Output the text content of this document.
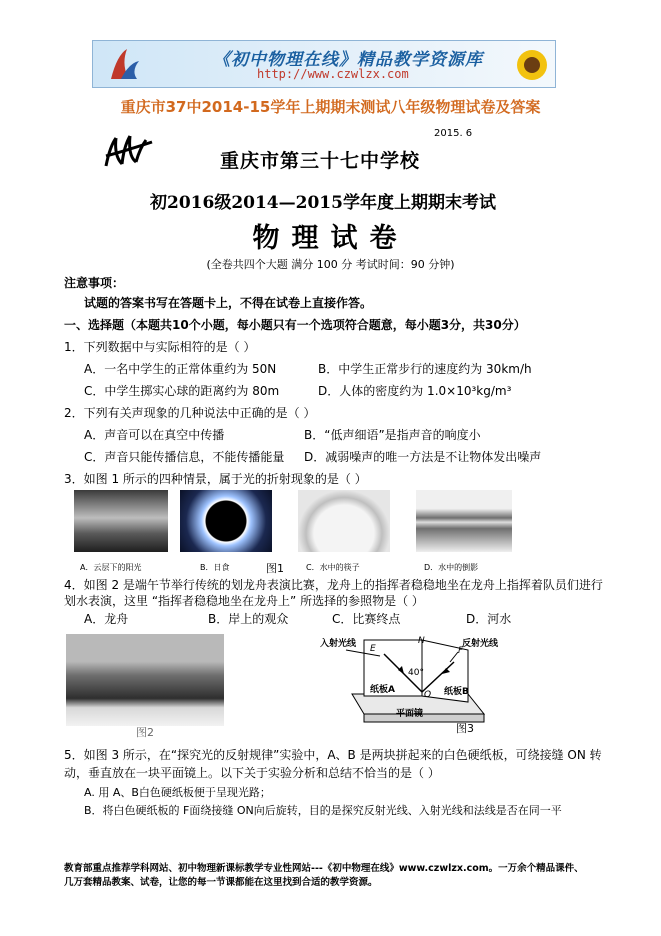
《初中物理在线》精品教学资源库
http://www.czwlzx.com
重庆市37中2014-15学年上期期末测试八年级物理试卷及答案
2015. 6
重庆市第三十七中学校
初2016级2014—2015学年度上期期末考试
物理试卷
(全卷共四个大题 满分 100 分 考试时间：90 分钟)
注意事项：
试题的答案书写在答题卡上，不得在试卷上直接作答。
一、选择题（本题共10个小题，每小题只有一个选项符合题意，每小题3分，共30分）
1．下列数据中与实际相符的是（ ）
A．一名中学生的正常体重约为 50N	B．中学生正常步行的速度约为 30km/h
C．中学生掷实心球的距离约为 80m	D．人体的密度约为 1.0×10³kg/m³
2．下列有关声现象的几种说法中正确的是（ ）
A．声音可以在真空中传播	B．“低声细语”是指声音的响度小
C．声音只能传播信息，不能传播能量 D．减弱噪声的唯一方法是不让物体发出噪声
3．如图 1 所示的四种情景，属于光的折射现象的是（ ）
A．云层下的阳光	B．日食	图1	C．水中的筷子	D．水中的倒影
4．如图 2 是端午节举行传统的划龙舟表演比赛，龙舟上的指挥者稳稳地坐在龙舟上指挥着队员们进行
划水表演，这里 “指挥者稳稳地坐在龙舟上” 所选择的参照物是（ ）
A．龙舟	B．岸上的观众	C．比赛终点	D．河水
图2
入射光线	反射光线
E
N
F
40°
纸板A	纸板B
O
平面镜
图3
5．如图 3 所示，在“探究光的反射规律”实验中，A、B 是两块拼起来的白色硬纸板，可绕接缝 ON 转
动，垂直放在一块平面镜上。以下关于实验分析和总结不恰当的是（ ）
A. 用 A、B白色硬纸板便于呈现光路；
B．将白色硬纸板的 F面绕接缝 ON向后旋转，目的是探究反射光线、入射光线和法线是否在同一平
教育部重点推荐学科网站、初中物理新课标教学专业性网站---《初中物理在线》www.czwlzx.com。一万余个精品课件、
几万套精品教案、试卷，让您的每一节课都能在这里找到合适的教学资源。
